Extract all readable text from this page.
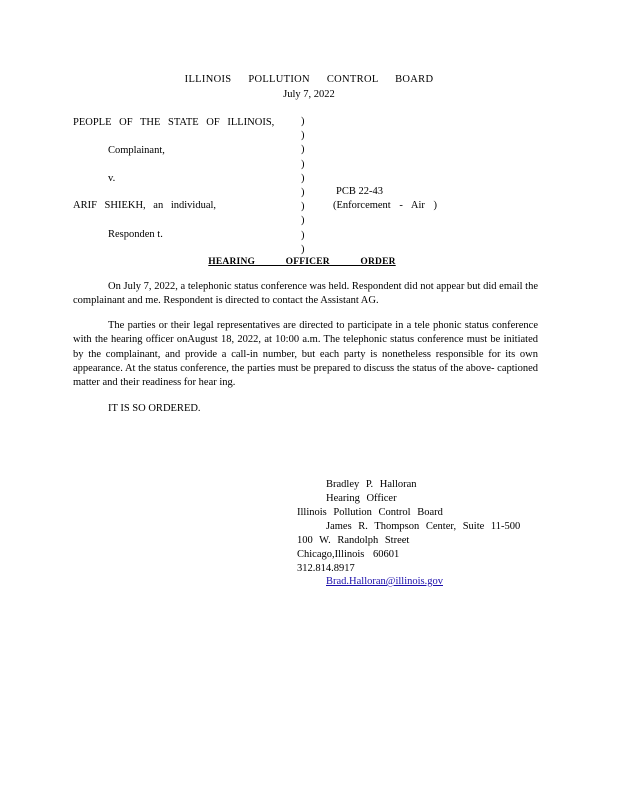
ILLINOIS POLLUTION CONTROL BOARD
July 7, 2022
PEOPLE OF THE STATE OF ILLINOIS,
Complainant,
v.
ARIF SHIEKH, an individual,
Responden t.
)
)
)
)
)
)
)
)
)
)
PCB 22-43
(Enforcement - Air )
HEARING OFFICER ORDER
On July 7, 2022, a telephonic status conference was held. Respondent did not appear but did email the complainant and me. Respondent is directed to contact the Assistant AG.
The parties or their legal representatives are directed to participate in a tele phonic status conference with the hearing officer onAugust 18, 2022, at 10:00 a.m. The telephonic status conference must be initiated by the complainant, and provide a call-in number, but each party is nonetheless responsible for its own appearance. At the status conference, the parties must be prepared to discuss the status of the above- captioned matter and their readiness for hear ing.
IT IS SO ORDERED.
Bradley P. Halloran
Hearing Officer
Illinois Pollution Control Board
James R. Thompson Center, Suite 11-500
100 W. Randolph Street
Chicago,Illinois 60601
312.814.8917
Brad.Halloran@illinois.gov
